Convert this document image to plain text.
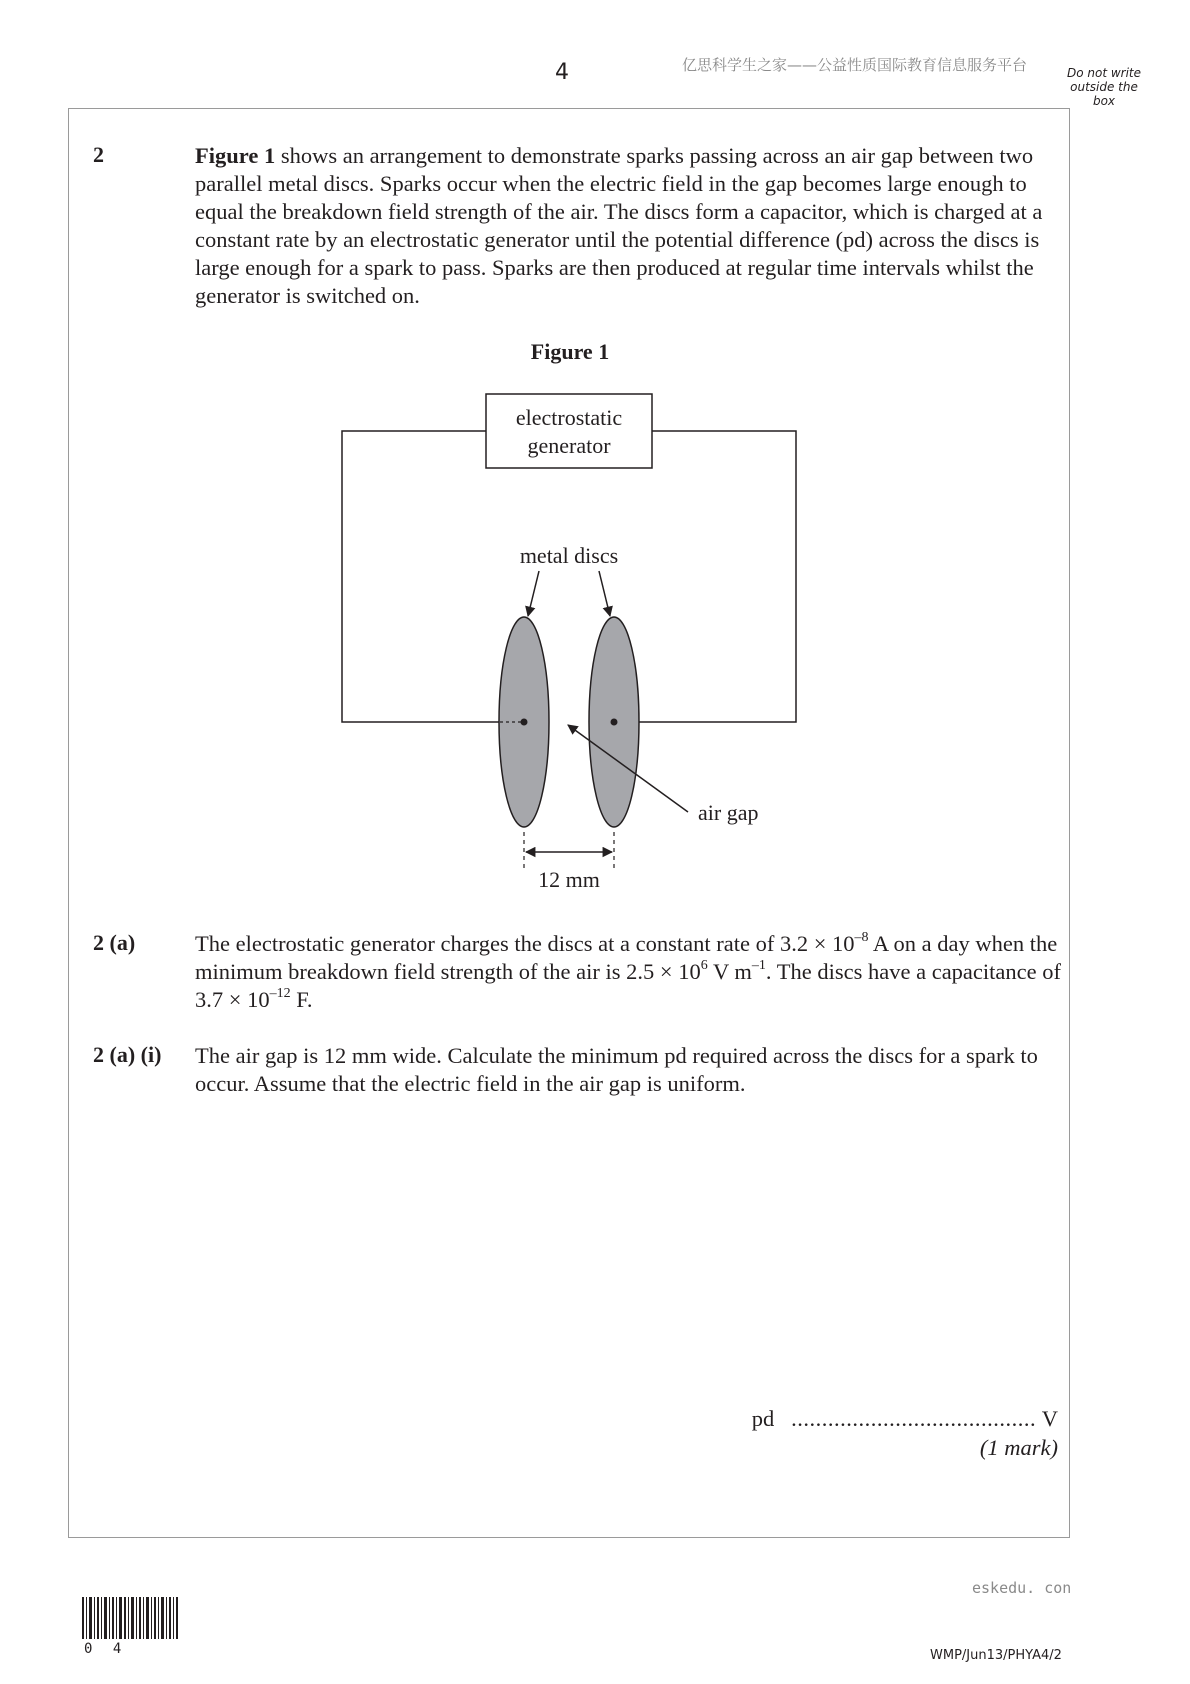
4	亿思科学生之家——公益性质国际教育信息服务平台	Do not write
outside the
box
2	Figure 1 shows an arrangement to demonstrate sparks passing across an air gap between two parallel metal discs. Sparks occur when the electric field in the gap becomes large enough to equal the breakdown field strength of the air. The discs form a capacitor, which is charged at a constant rate by an electrostatic generator until the potential difference (pd) across the discs is large enough for a spark to pass. Sparks are then produced at regular time intervals whilst the generator is switched on.
Figure 1
electrostatic
generator
metal discs
air gap
12 mm
2 (a)	The electrostatic generator charges the discs at a constant rate of $3.2 \times 10^{-8}$ A on a day when the minimum breakdown field strength of the air is $2.5 \times 10^6$ V $m^{-1}$. The discs have a capacitance of $3.7 \times 10^{-12}$ F.
2 (a) (i) The air gap is 12 mm wide. Calculate the minimum pd required across the discs for a spark to occur. Assume that the electric field in the air gap is uniform.
pd ........................................ V
(1 mark)
eskedu. con
0 4	WMP/Jun13/PHYA4/2
